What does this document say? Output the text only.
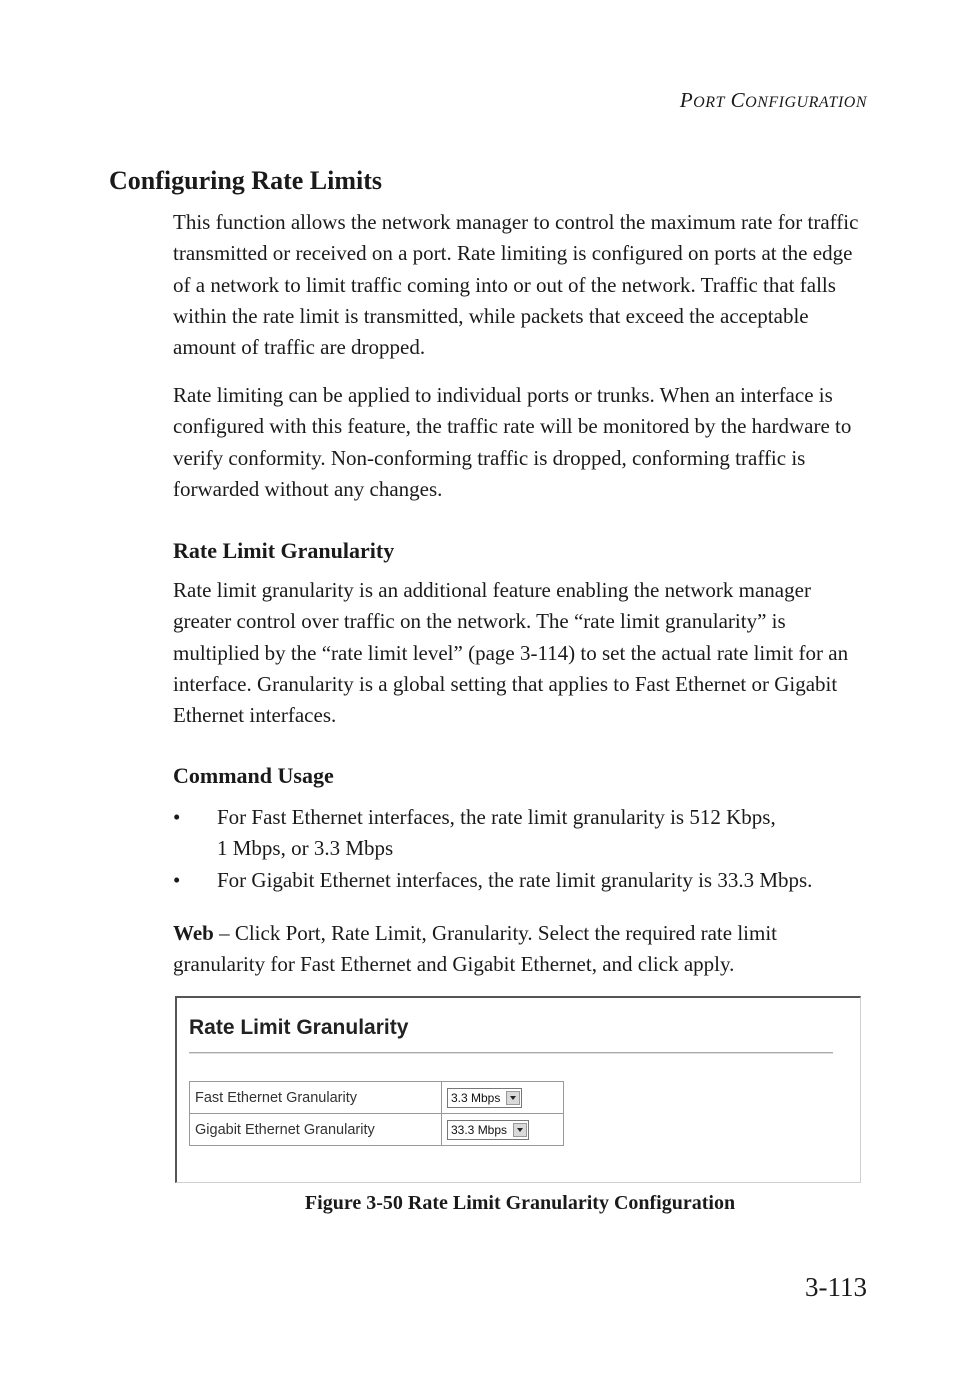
PORT CONFIGURATION
Configuring Rate Limits

This function allows the network manager to control the maximum rate for traffic transmitted or received on a port. Rate limiting is configured on ports at the edge of a network to limit traffic coming into or out of the network. Traffic that falls within the rate limit is transmitted, while packets that exceed the acceptable amount of traffic are dropped.

Rate limiting can be applied to individual ports or trunks. When an interface is configured with this feature, the traffic rate will be monitored by the hardware to verify conformity. Non-conforming traffic is dropped, conforming traffic is forwarded without any changes.

Rate Limit Granularity

Rate limit granularity is an additional feature enabling the network manager greater control over traffic on the network. The “rate limit granularity” is multiplied by the “rate limit level” (page 3-114) to set the actual rate limit for an interface. Granularity is a global setting that applies to Fast Ethernet or Gigabit Ethernet interfaces.

Command Usage
• For Fast Ethernet interfaces, the rate limit granularity is 512 Kbps,
1 Mbps, or 3.3 Mbps
• For Gigabit Ethernet interfaces, the rate limit granularity is 33.3 Mbps.

Web – Click Port, Rate Limit, Granularity. Select the required rate limit granularity for Fast Ethernet and Gigabit Ethernet, and click apply.

Rate Limit Granularity
Fast Ethernet Granularity	3.3 Mbps

Gigabit Ethernet Granularity	33.3 Mbps

Figure 3-50 Rate Limit Granularity Configuration

3-113
